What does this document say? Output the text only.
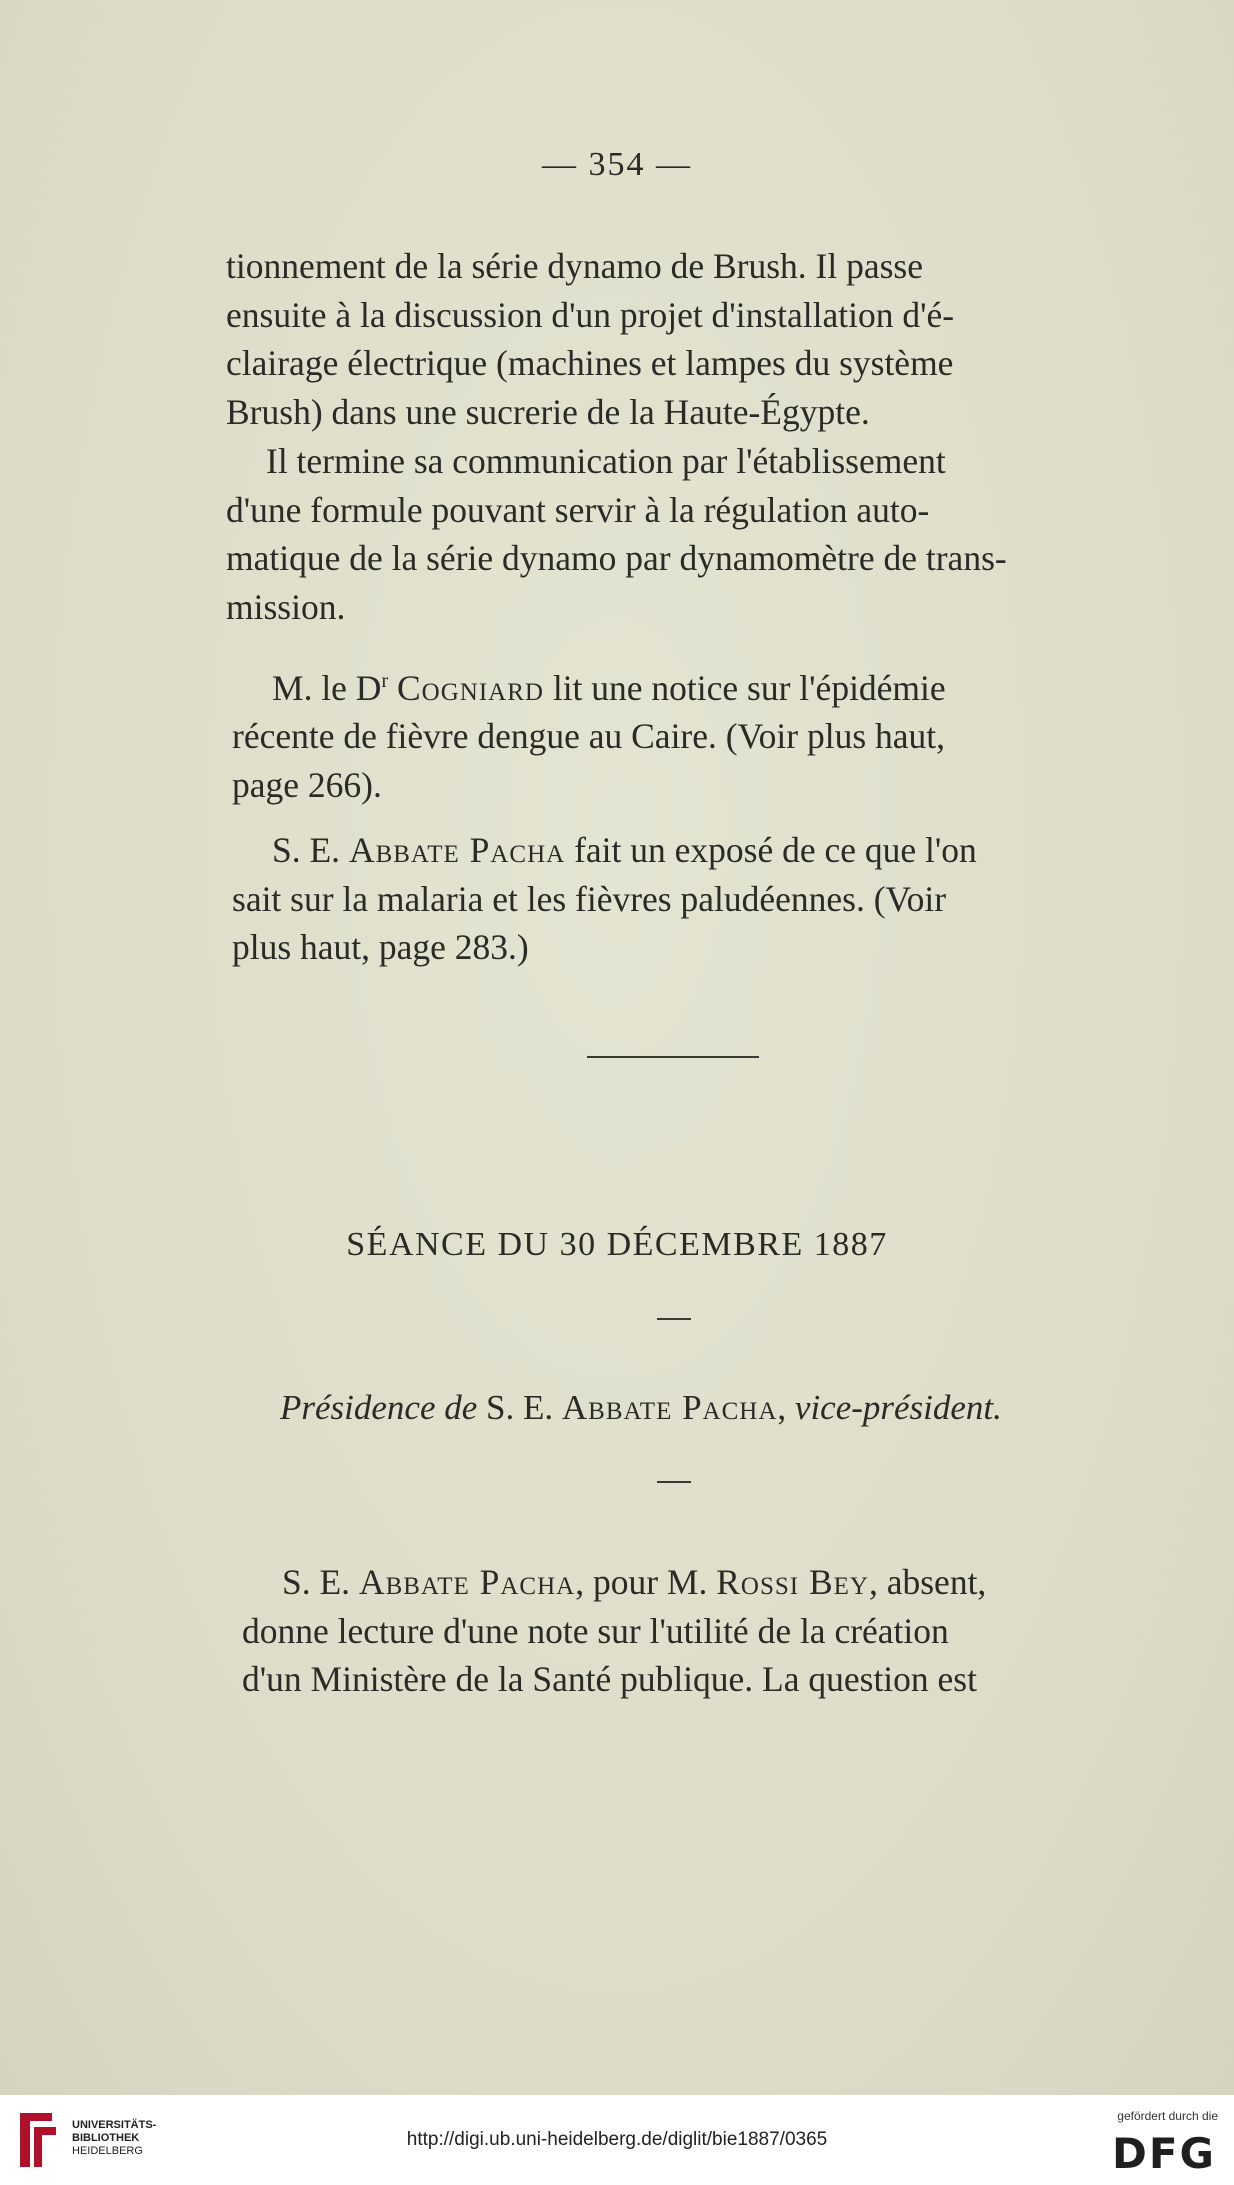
— 354 —

tionnement de la série dynamo de Brush. Il passe

ensuite à la discussion d'un projet d'installation d'é-

clairage électrique (machines et lampes du système

Brush) dans une sucrerie de la Haute-Égypte.

Il termine sa communication par l'établissement

d'une formule pouvant servir à la régulation auto-

matique de la série dynamo par dynamomètre de trans-

mission.

M. le $D^r$ Cogniard lit une notice sur l'épidémie

récente de fièvre dengue au Caire. (Voir plus haut,

page 266).

S. E. Abbate Pacha fait un exposé de ce que l'on

sait sur la malaria et les fièvres paludéennes. (Voir

plus haut, page 283.)

SÉANCE DU 30 DÉCEMBRE 1887
Présidence de S. E. Abbate Pacha, vice-président.

S. E. Abbate Pacha, pour M. Rossi Bey, absent,

donne lecture d'une note sur l'utilité de la création

d'un Ministère de la Santé publique. La question est

UNIVERSITÄTS-
BIBLIOTHEK
HEIDELBERG
http://digi.ub.uni-heidelberg.de/diglit/bie1887/0365
gefördert durch die
DFG
